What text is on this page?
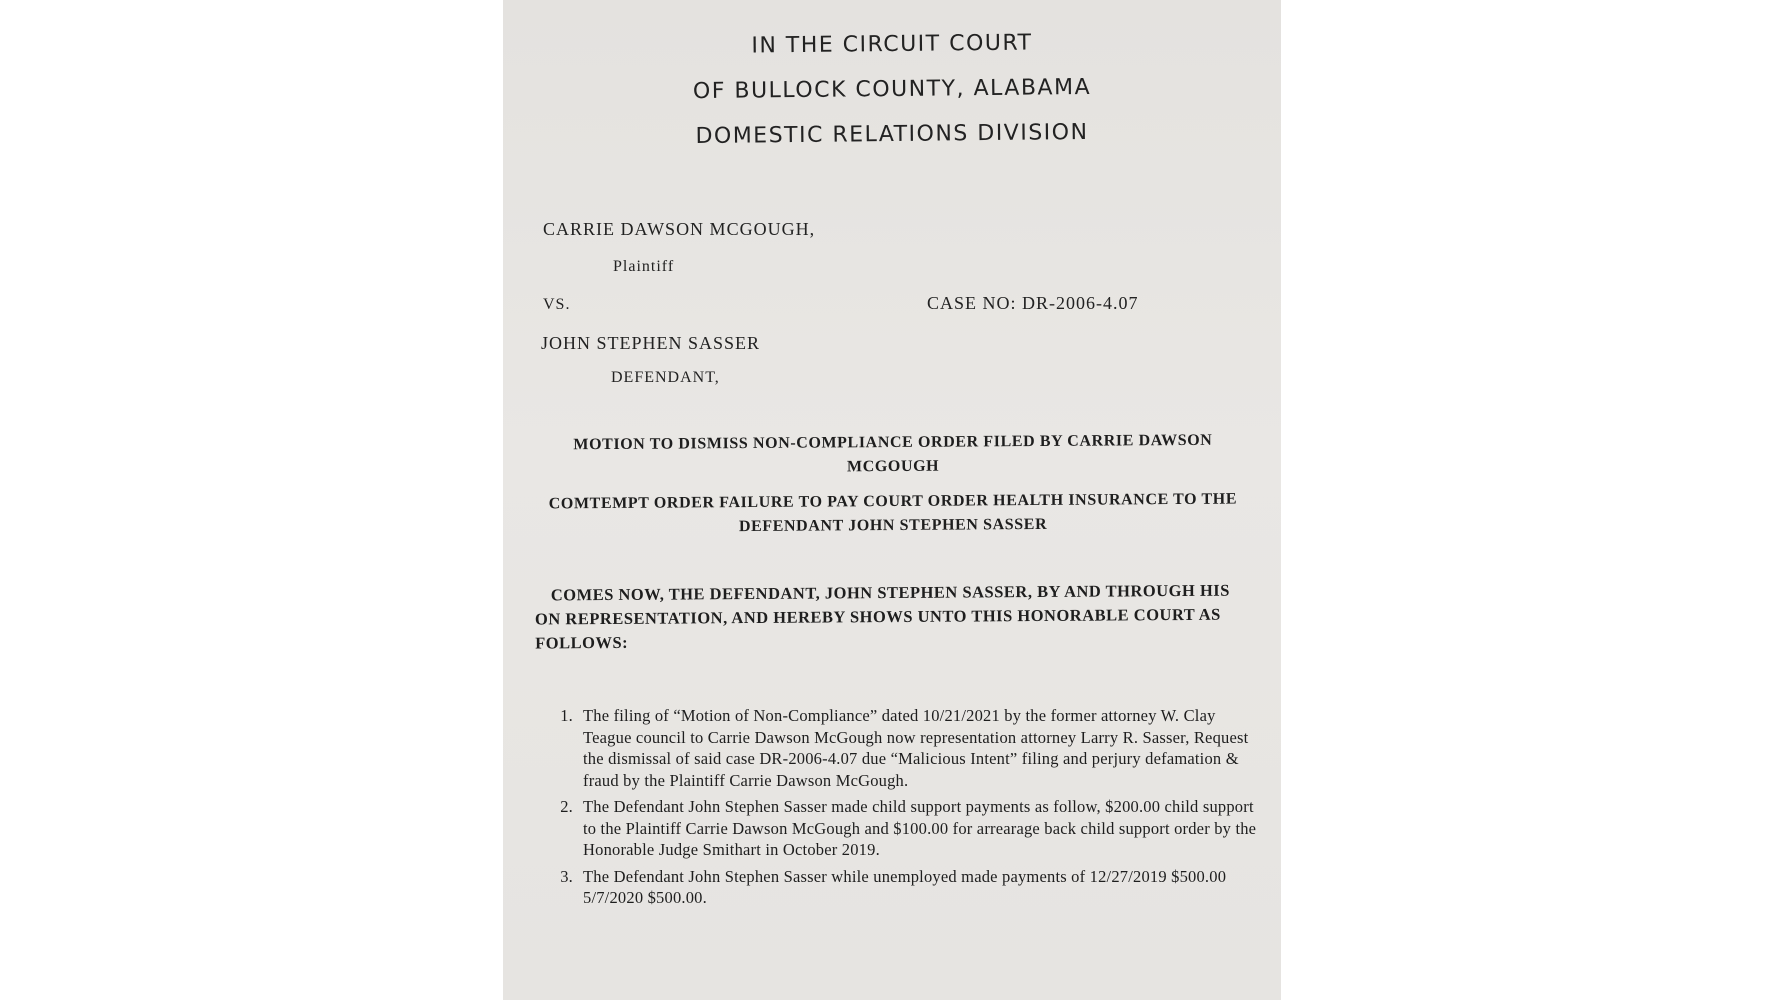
IN THE CIRCUIT COURT
OF BULLOCK COUNTY, ALABAMA
DOMESTIC RELATIONS DIVISION
CARRIE DAWSON MCGOUGH,
Plaintiff
VS.	CASE NO: DR-2006-4.07
JOHN STEPHEN SASSER
DEFENDANT,
MOTION TO DISMISS NON-COMPLIANCE ORDER FILED BY CARRIE DAWSON MCGOUGH
COMTEMPT ORDER FAILURE TO PAY COURT ORDER HEALTH INSURANCE TO THE DEFENDANT JOHN STEPHEN SASSER
COMES NOW, THE DEFENDANT, JOHN STEPHEN SASSER, BY AND THROUGH HIS ON REPRESENTATION, AND HEREBY SHOWS UNTO THIS HONORABLE COURT AS FOLLOWS:
1. The filing of “Motion of Non-Compliance” dated 10/21/2021 by the former attorney W. Clay Teague council to Carrie Dawson McGough now representation attorney Larry R. Sasser, Request the dismissal of said case DR-2006-4.07 due “Malicious Intent” filing and perjury defamation & fraud by the Plaintiff Carrie Dawson McGough.
2. The Defendant John Stephen Sasser made child support payments as follow, $200.00 child support to the Plaintiff Carrie Dawson McGough and $100.00 for arrearage back child support order by the Honorable Judge Smithart in October 2019.
3. The Defendant John Stephen Sasser while unemployed made payments of 12/27/2019 $500.00 5/7/2020 $500.00.
